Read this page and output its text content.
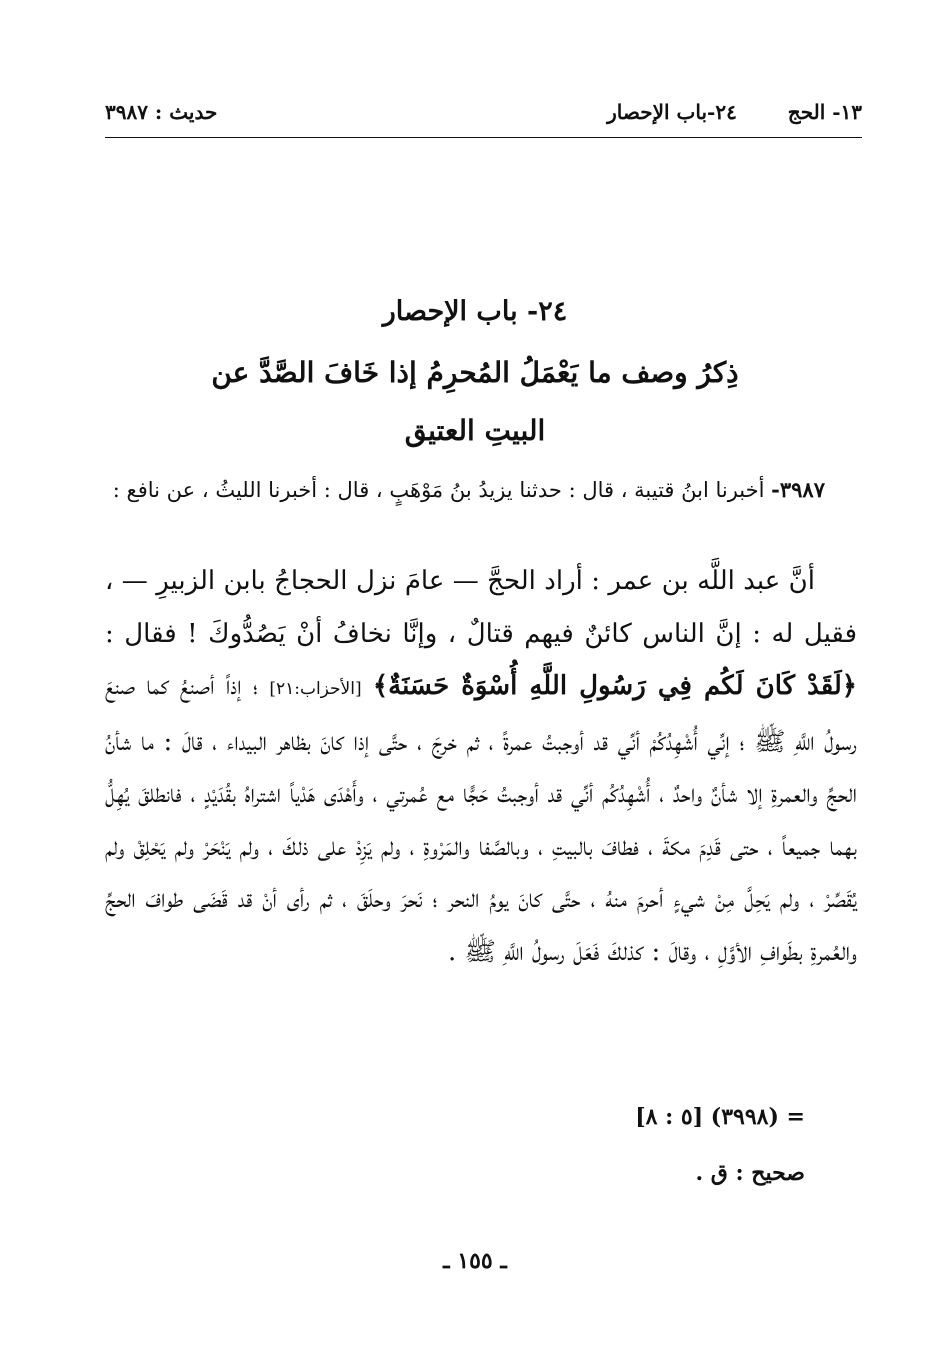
١٣- الحج ٢٤-باب الإحصار
حديث : ٣٩٨٧
٢٤- باب الإحصار
ذِكرُ وصف ما يَعْمَلُ المُحرِمُ إذا خَافَ الصَّدَّ عن البيتِ العتيق
٣٩٨٧- أخبرنا ابنُ قتيبة ، قال : حدثنا يزيدُ بنُ مَوْهَبٍ ، قال : أخبرنا الليثُ ، عن نافع :
أنَّ عبد اللَّه بن عمر : أراد الحجَّ — عامَ نزل الحجاجُ بابن الزبيرِ — ، فقيل له : إنَّ الناس كائنٌ فيهم قتالٌ ، وإنَّا نخافُ أنْ يَصُدُّوكَ ! فقال : ﴿لَقَدْ كَانَ لَكُم فِي رَسُولِ اللَّهِ أُسْوَةٌ حَسَنَةٌ﴾ [الأحزاب:٢١] ؛ إذاً أصنعُ كما صنعَ رسولُ اللَّهِ ﷺ ؛ إنِّي أُشْهِدُكُمْ أنِّي قد أوجبتُ عمرةً ، ثم خرجَ ، حتَّى إذا كانَ بظاهر البيداء ، قالَ : ما شأنُ الحجِّ والعمرةِ إلا شأنٌ واحدٌ ، أُشْهِدُكُم أنِّي قد أوجبتُ حَجًّا مع عُمرتي ، وأَهْدَى هَدْياً اشتراهُ بقُدَيْدٍ ، فانطلقَ يُهِلُّ بهما جميعاً ، حتى قَدِمَ مكةَ ، فطافَ بالبيتِ ، وبالصَّفا والمَرْوةِ ، ولم يَزِدْ على ذلكَ ، ولم يَنْحَرْ ولم يَحْلِقْ ولم يُقَصِّرْ ، ولم يَحِلَّ مِنْ شيءٍ أحرمَ منهُ ، حتَّى كانَ يومُ النحر ؛ نَحرَ وحلَقَ ، ثم رأى أنْ قد قَضَى طوافَ الحجِّ والعُمرةِ بطَوافِ الأوَّلِ ، وقالَ : كذلكَ فَعَلَ رسولُ اللَّهِ ﷺ .
= (٣٩٩٨) [٥ : ٨]
صحيح : ق .
ـ ١٥٥ ـ
